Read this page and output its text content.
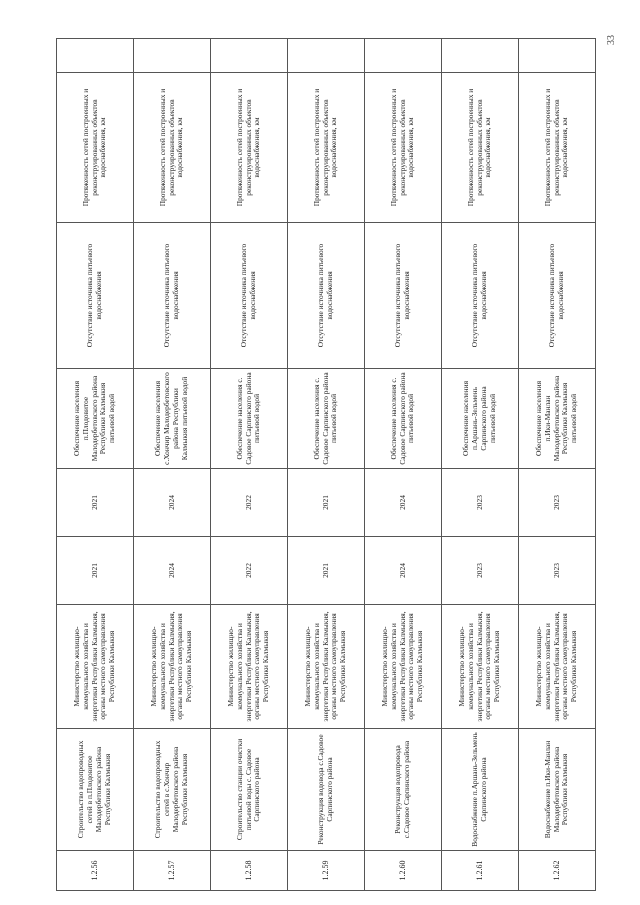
33
1.2.56	Строительство водопроводных сетей в п.Плодовитое Малодербетовского района Республики Калмыкия	Министерство жилищно-коммунального хозяйства и энергетики Республики Калмыкия, органы местного самоуправления Республики Калмыкия	2021	2021	Обеспечение населения п.Плодовитое Малодербетовского района Республики Калмыкия питьевой водой	Отсутствие источника питьевого водоснабжения	Протяженность сетей построенных и реконструированных объектов водоснабжения, км	
1.2.57	Строительство водопроводных сетей в с.Хончир Малодербетовского района Республики Калмыкия	Министерство жилищно-коммунального хозяйства и энергетики Республики Калмыкия, органы местного самоуправления Республики Калмыкия	2024	2024	Обеспечение населения с.Хончир Малодербетовского района Республики Калмыкия питьевой водой	Отсутствие источника питьевого водоснабжения	Протяженность сетей построенных и реконструированных объектов водоснабжения, км	
1.2.58	Строительство станции очистки питьевой воды с. Садовое Сарпинского района	Министерство жилищно-коммунального хозяйства и энергетики Республики Калмыкия, органы местного самоуправления Республики Калмыкия	2022	2022	Обеспечение населения с. Садовое Сарпинского района питьевой водой	Отсутствие источника питьевого водоснабжения	Протяженность сетей построенных и реконструированных объектов водоснабжения, км	
1.2.59	Реконструкция водовода с.Садовое Сарпинского района	Министерство жилищно-коммунального хозяйства и энергетики Республики Калмыкия, органы местного самоуправления Республики Калмыкия	2021	2021	Обеспечение населения с. Садовое Сарпинского района питьевой водой	Отсутствие источника питьевого водоснабжения	Протяженность сетей построенных и реконструированных объектов водоснабжения, км	
1.2.60	Реконструкция водопровода с.Садовое Сарпинского района	Министерство жилищно-коммунального хозяйства и энергетики Республики Калмыкия, органы местного самоуправления Республики Калмыкия	2024	2024	Обеспечение населения с. Садовое Сарпинского района питьевой водой	Отсутствие источника питьевого водоснабжения	Протяженность сетей построенных и реконструированных объектов водоснабжения, км	
1.2.61	Водоснабжение п.Аршань-Зельмень Сарпинского района	Министерство жилищно-коммунального хозяйства и энергетики Республики Калмыкия, органы местного самоуправления Республики Калмыкия	2023	2023	Обеспечение населения п.Аршань-Зельмень Сарпинского района питьевой водой	Отсутствие источника питьевого водоснабжения	Протяженность сетей построенных и реконструированных объектов водоснабжения, км	
1.2.62	Водоснабжение п.Ики-Манлан Малодербетовского района Республики Калмыкия	Министерство жилищно-коммунального хозяйства и энергетики Республики Калмыкия, органы местного самоуправления Республики Калмыкия	2023	2023	Обеспечение населения п.Ики-Манлан Малодербетовского района Республики Калмыкия питьевой водой	Отсутствие источника питьевого водоснабжения	Протяженность сетей построенных и реконструированных объектов водоснабжения, км	
